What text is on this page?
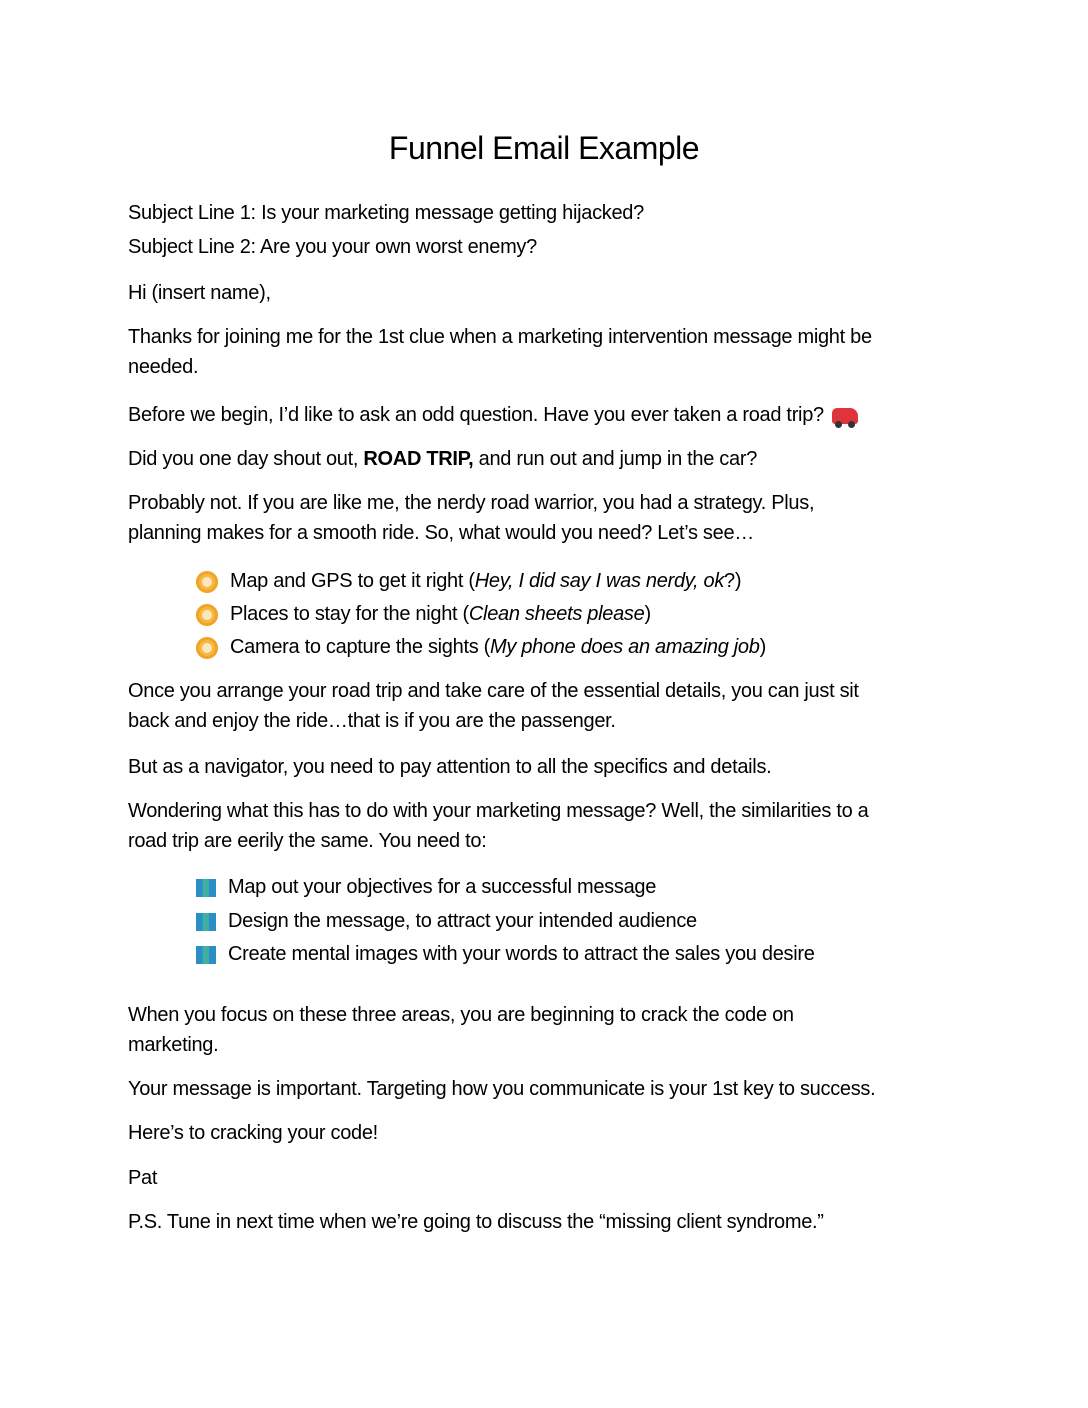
Funnel Email Example
Subject Line 1: Is your marketing message getting hijacked?
Subject Line 2: Are you your own worst enemy?
Hi (insert name),
Thanks for joining me for the 1st clue when a marketing intervention message might be
needed.
Before we begin, I’d like to ask an odd question. Have you ever taken a road trip?
Did you one day shout out, ROAD TRIP, and run out and jump in the car?
Probably not. If you are like me, the nerdy road warrior, you had a strategy. Plus,
planning makes for a smooth ride. So, what would you need? Let’s see…
Map and GPS to get it right ( Hey, I did say I was nerdy, ok ?)
Places to stay for the night ( Clean sheets please )
Camera to capture the sights ( My phone does an amazing job )
Once you arrange your road trip and take care of the essential details, you can just sit
back and enjoy the ride…that is if you are the passenger.
But as a navigator, you need to pay attention to all the specifics and details.
Wondering what this has to do with your marketing message? Well, the similarities to a
road trip are eerily the same. You need to:
Map out your objectives for a successful message
Design the message, to attract your intended audience
Create mental images with your words to attract the sales you desire
When you focus on these three areas, you are beginning to crack the code on
marketing.
Your message is important. Targeting how you communicate is your 1st key to success.
Here’s to cracking your code!
Pat
P.S. Tune in next time when we’re going to discuss the “missing client syndrome.”
